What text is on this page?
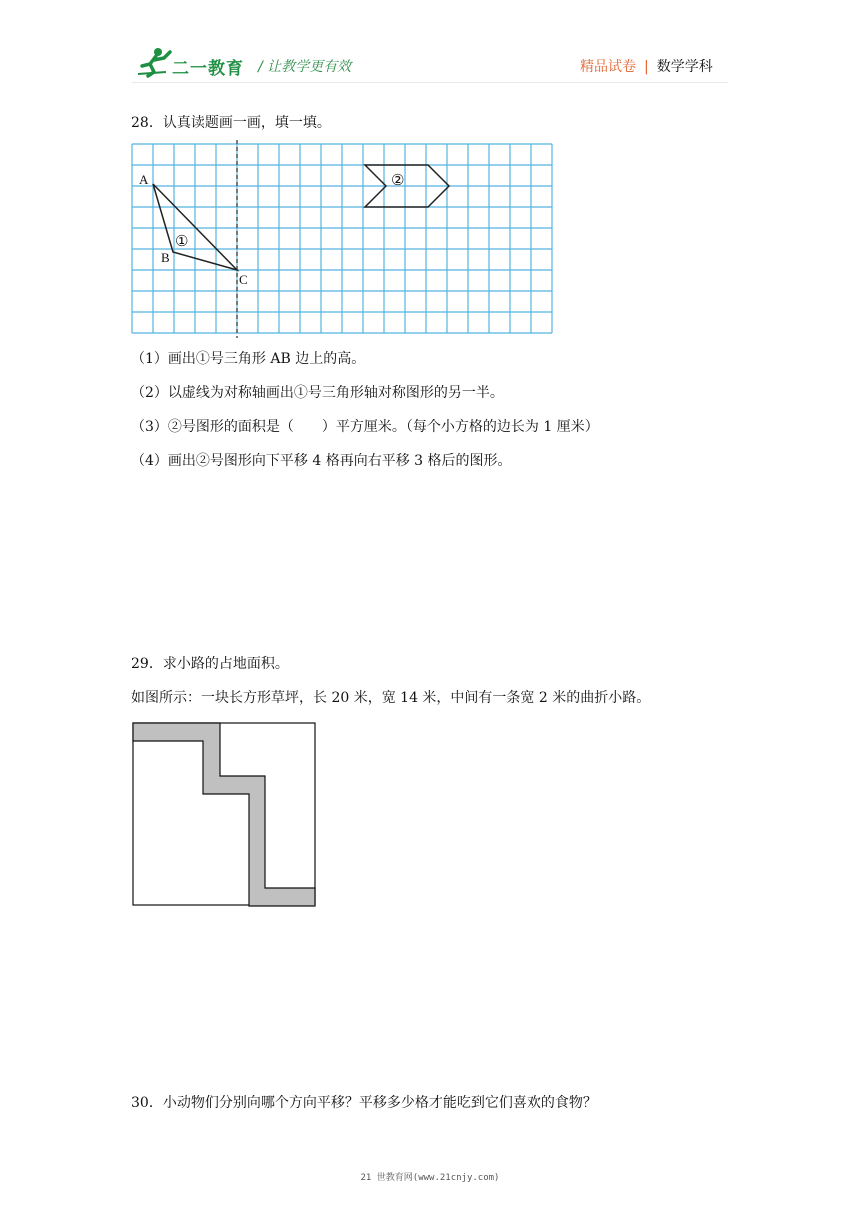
二一教育 / 让教学更有效	精品试卷 | 数学学科
28．认真读题画一画，填一填。
A
B
C
①
②
（1）画出①号三角形 AB 边上的高。
（2）以虚线为对称轴画出①号三角形轴对称图形的另一半。
（3）②号图形的面积是（　　）平方厘米。（每个小方格的边长为 1 厘米）
（4）画出②号图形向下平移 4 格再向右平移 3 格后的图形。
29．求小路的占地面积。
如图所示：一块长方形草坪，长 20 米，宽 14 米，中间有一条宽 2 米的曲折小路。
30．小动物们分别向哪个方向平移？平移多少格才能吃到它们喜欢的食物？
21 世教育网(www.21cnjy.com)
